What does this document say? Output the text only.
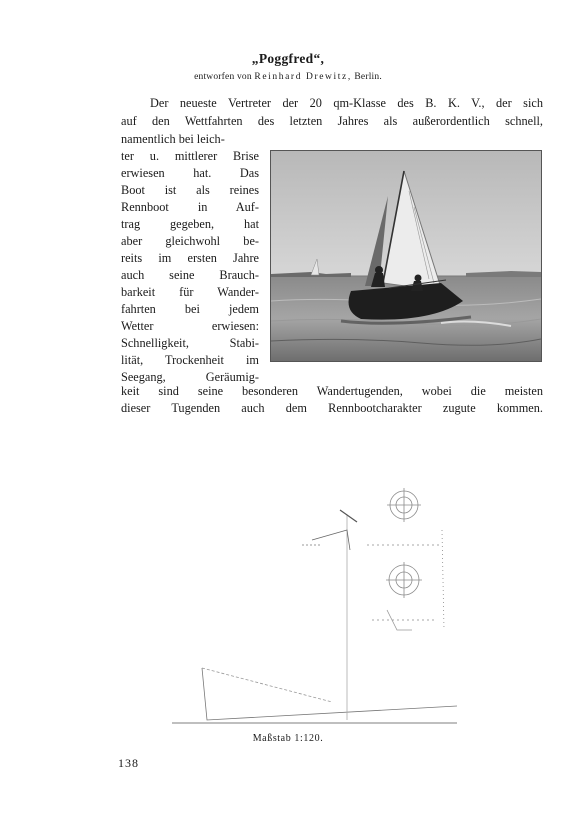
„Poggfred“,
entworfen von Reinhard Drewitz, Berlin.
Der neueste Vertreter der 20 qm-Klasse des B. K. V., der sich
auf den Wettfahrten des letzten Jahres als außerordentlich schnell,
namentlich bei leich-
ter u. mittlerer Brise
erwiesen hat. Das
Boot ist als reines
Rennboot in Auf-
trag gegeben, hat
aber gleichwohl be-
reits im ersten Jahre
auch seine Brauch-
barkeit für Wander-
fahrten bei jedem
Wetter erwiesen:
Schnelligkeit, Stabi-
lität, Trockenheit im
Seegang, Geräumig-
keit sind seine besonderen Wandertugenden, wobei die meisten
dieser Tugenden auch dem Rennbootcharakter zugute kommen.
Maßstab 1:120.
138
